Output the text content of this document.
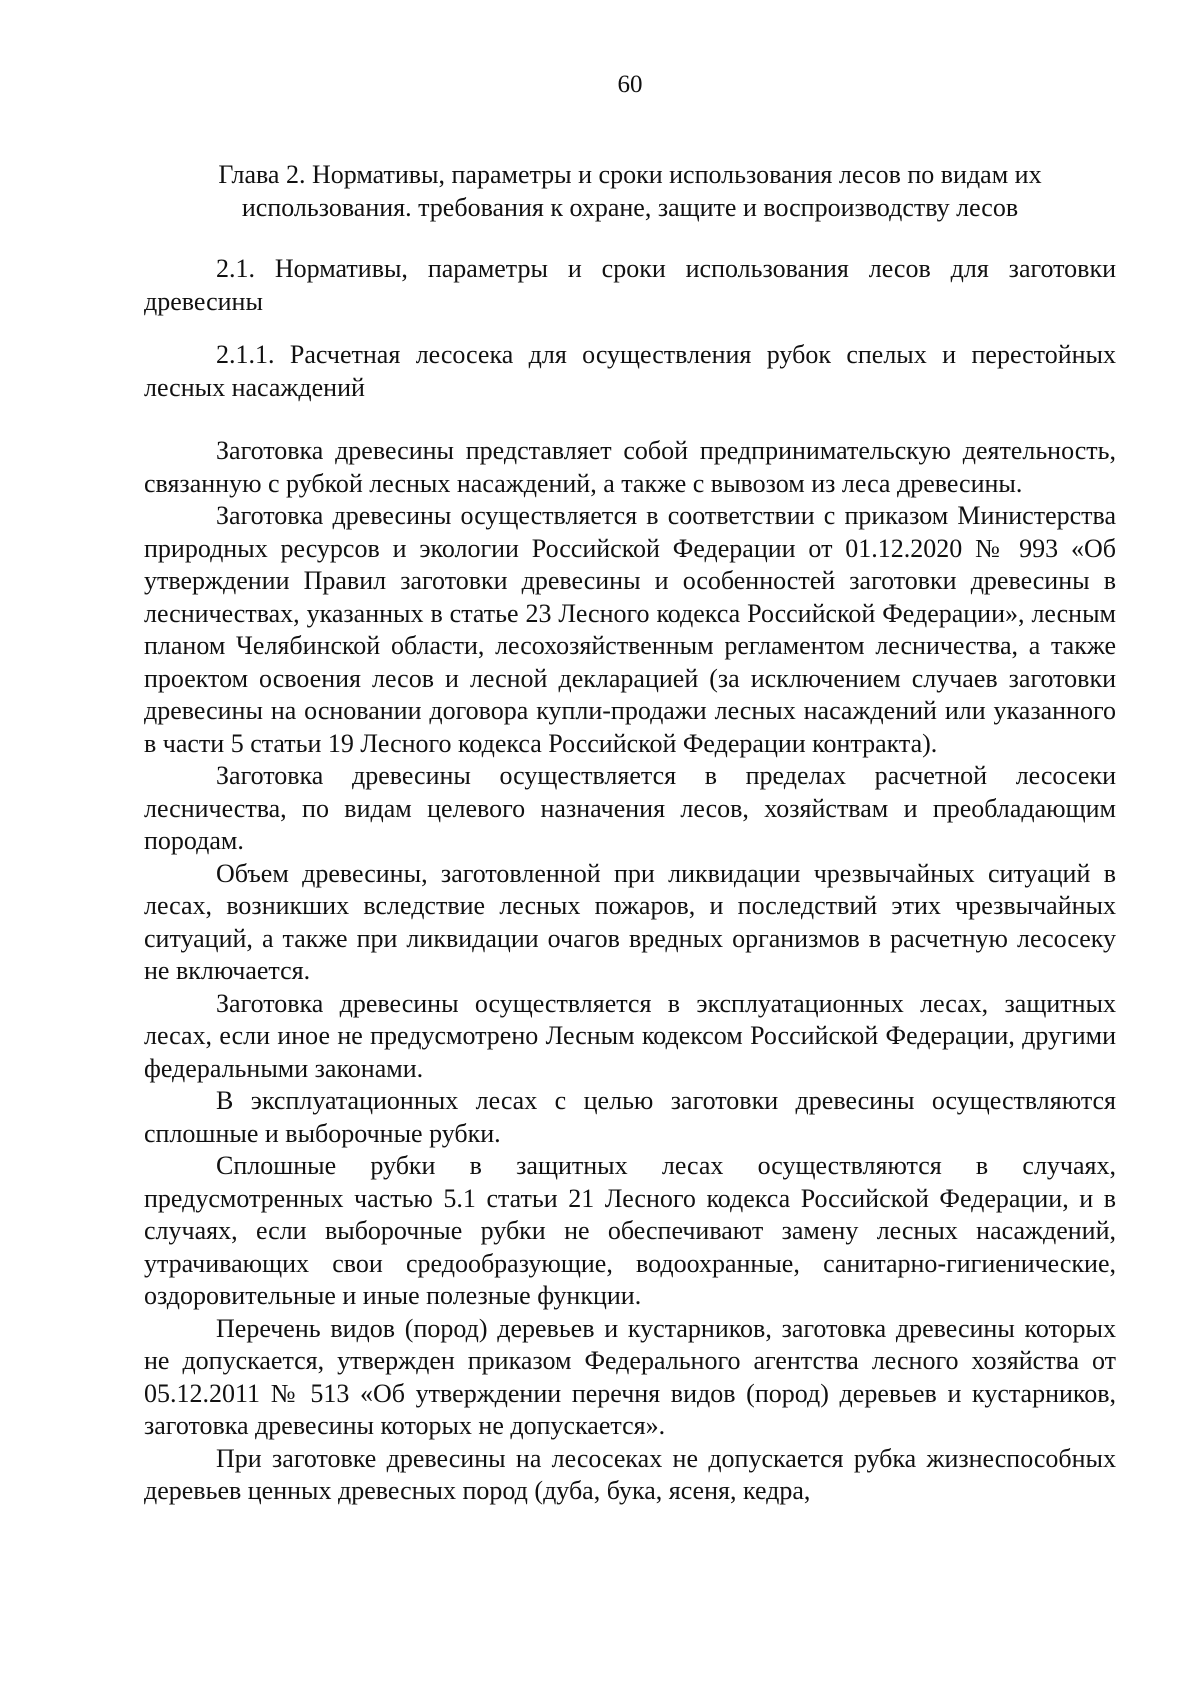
60
Глава 2. Нормативы, параметры и сроки использования лесов по видам их использования. требования к охране, защите и воспроизводству лесов
2.1. Нормативы, параметры и сроки использования лесов для заготовки древесины
2.1.1. Расчетная лесосека для осуществления рубок спелых и перестойных лесных насаждений

Заготовка древесины представляет собой предпринимательскую деятельность, связанную с рубкой лесных насаждений, а также с вывозом из леса древесины.

Заготовка древесины осуществляется в соответствии с приказом Министерства природных ресурсов и экологии Российской Федерации от 01.12.2020 № 993 «Об утверждении Правил заготовки древесины и особенностей заготовки древесины в лесничествах, указанных в статье 23 Лесного кодекса Российской Федерации», лесным планом Челябинской области, лесохозяйственным регламентом лесничества, а также проектом освоения лесов и лесной декларацией (за исключением случаев заготовки древесины на основании договора купли-продажи лесных насаждений или указанного в части 5 статьи 19 Лесного кодекса Российской Федерации контракта).

Заготовка древесины осуществляется в пределах расчетной лесосеки лесничества, по видам целевого назначения лесов, хозяйствам и преобладающим породам.

Объем древесины, заготовленной при ликвидации чрезвычайных ситуаций в лесах, возникших вследствие лесных пожаров, и последствий этих чрезвычайных ситуаций, а также при ликвидации очагов вредных организмов в расчетную лесосеку не включается.

Заготовка древесины осуществляется в эксплуатационных лесах, защитных лесах, если иное не предусмотрено Лесным кодексом Российской Федерации, другими федеральными законами.

В эксплуатационных лесах с целью заготовки древесины осуществляются сплошные и выборочные рубки.

Сплошные рубки в защитных лесах осуществляются в случаях, предусмотренных частью 5.1 статьи 21 Лесного кодекса Российской Федерации, и в случаях, если выборочные рубки не обеспечивают замену лесных насаждений, утрачивающих свои средообразующие, водоохранные, санитарно-гигиенические, оздоровительные и иные полезные функции.

Перечень видов (пород) деревьев и кустарников, заготовка древесины которых не допускается, утвержден приказом Федерального агентства лесного хозяйства от 05.12.2011 № 513 «Об утверждении перечня видов (пород) деревьев и кустарников, заготовка древесины которых не допускается».

При заготовке древесины на лесосеках не допускается рубка жизнеспособных деревьев ценных древесных пород (дуба, бука, ясеня, кедра,
